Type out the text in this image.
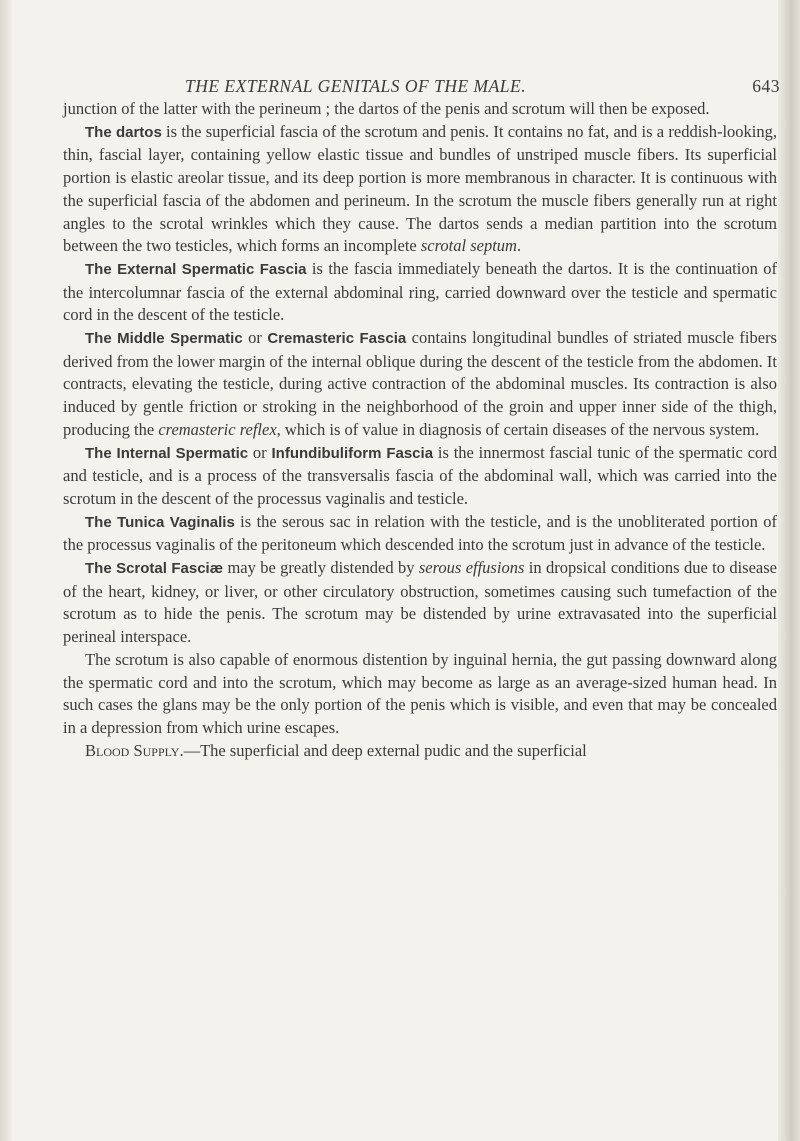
THE EXTERNAL GENITALS OF THE MALE.	643

junction of the latter with the perineum ; the dartos of the penis and scrotum will then be exposed.

The dartos is the superficial fascia of the scrotum and penis. It contains no fat, and is a reddish-looking, thin, fascial layer, containing yellow elastic tissue and bundles of unstriped muscle fibers. Its superficial portion is elastic areolar tissue, and its deep portion is more membranous in character. It is continuous with the superficial fascia of the abdomen and perineum. In the scrotum the muscle fibers generally run at right angles to the scrotal wrinkles which they cause. The dartos sends a median partition into the scrotum between the two testicles, which forms an incomplete scrotal septum.

The External Spermatic Fascia is the fascia immediately beneath the dartos. It is the continuation of the intercolumnar fascia of the external abdominal ring, carried downward over the testicle and spermatic cord in the descent of the testicle.

The Middle Spermatic or Cremasteric Fascia contains longitudinal bundles of striated muscle fibers derived from the lower margin of the internal oblique during the descent of the testicle from the abdomen. It contracts, elevating the testicle, during active contraction of the abdominal muscles. Its contraction is also induced by gentle friction or stroking in the neighborhood of the groin and upper inner side of the thigh, producing the cremasteric reflex, which is of value in diagnosis of certain diseases of the nervous system.

The Internal Spermatic or Infundibuliform Fascia is the innermost fascial tunic of the spermatic cord and testicle, and is a process of the transversalis fascia of the abdominal wall, which was carried into the scrotum in the descent of the processus vaginalis and testicle.

The Tunica Vaginalis is the serous sac in relation with the testicle, and is the unobliterated portion of the processus vaginalis of the peritoneum which descended into the scrotum just in advance of the testicle.

The Scrotal Fasciæ may be greatly distended by serous effusions in dropsical conditions due to disease of the heart, kidney, or liver, or other circulatory obstruction, sometimes causing such tumefaction of the scrotum as to hide the penis. The scrotum may be distended by urine extravasated into the superficial perineal interspace.

The scrotum is also capable of enormous distention by inguinal hernia, the gut passing downward along the spermatic cord and into the scrotum, which may become as large as an average-sized human head. In such cases the glans may be the only portion of the penis which is visible, and even that may be concealed in a depression from which urine escapes.

Blood Supply.—The superficial and deep external pudic and the superficial
